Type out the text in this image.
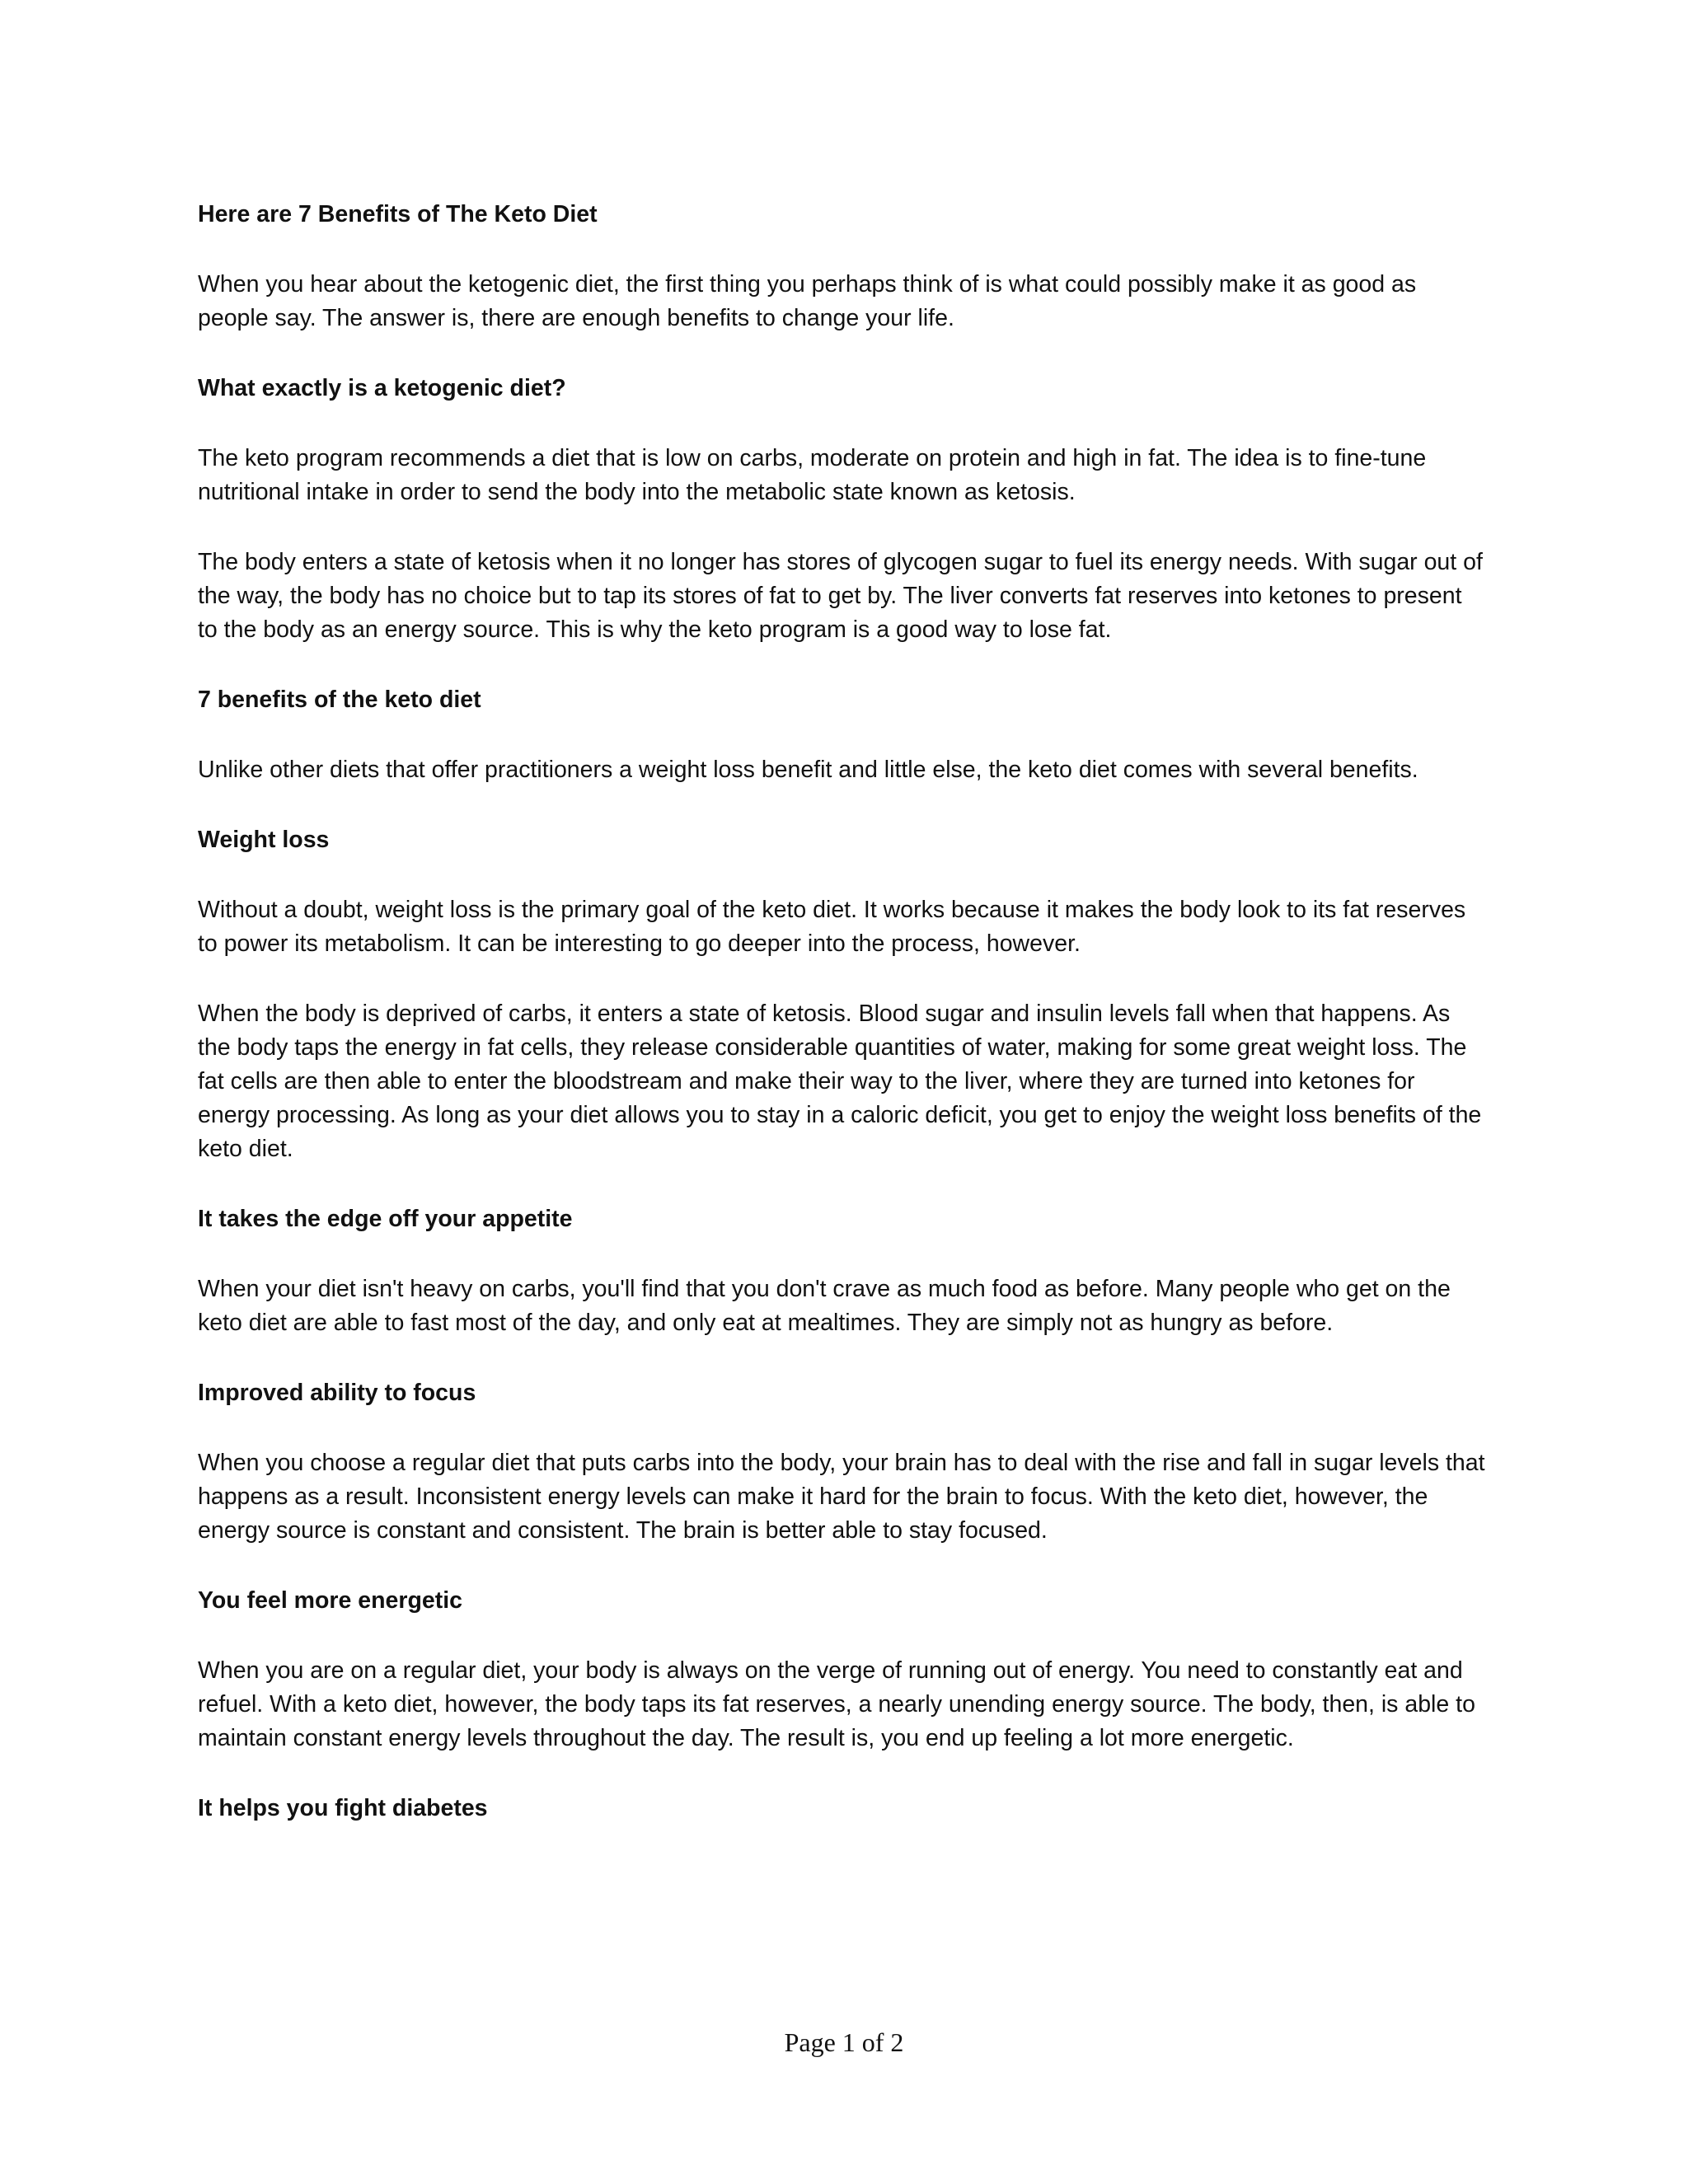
Here are 7 Benefits of The Keto Diet
When you hear about the ketogenic diet, the first thing you perhaps think of is what could possibly make it as good as people say. The answer is, there are enough benefits to change your life.
What exactly is a ketogenic diet?
The keto program recommends a diet that is low on carbs, moderate on protein and high in fat. The idea is to fine-tune nutritional intake in order to send the body into the metabolic state known as ketosis.
The body enters a state of ketosis when it no longer has stores of glycogen sugar to fuel its energy needs. With sugar out of the way, the body has no choice but to tap its stores of fat to get by. The liver converts fat reserves into ketones to present to the body as an energy source. This is why the keto program is a good way to lose fat.
7 benefits of the keto diet
Unlike other diets that offer practitioners a weight loss benefit and little else, the keto diet comes with several benefits.
Weight loss
Without a doubt, weight loss is the primary goal of the keto diet. It works because it makes the body look to its fat reserves to power its metabolism. It can be interesting to go deeper into the process, however.
When the body is deprived of carbs, it enters a state of ketosis. Blood sugar and insulin levels fall when that happens. As the body taps the energy in fat cells, they release considerable quantities of water, making for some great weight loss. The fat cells are then able to enter the bloodstream and make their way to the liver, where they are turned into ketones for energy processing. As long as your diet allows you to stay in a caloric deficit, you get to enjoy the weight loss benefits of the keto diet.
It takes the edge off your appetite
When your diet isn't heavy on carbs, you'll find that you don't crave as much food as before. Many people who get on the keto diet are able to fast most of the day, and only eat at mealtimes. They are simply not as hungry as before.
Improved ability to focus
When you choose a regular diet that puts carbs into the body, your brain has to deal with the rise and fall in sugar levels that happens as a result. Inconsistent energy levels can make it hard for the brain to focus. With the keto diet, however, the energy source is constant and consistent. The brain is better able to stay focused.
You feel more energetic
When you are on a regular diet, your body is always on the verge of running out of energy. You need to constantly eat and refuel. With a keto diet, however, the body taps its fat reserves, a nearly unending energy source. The body, then, is able to maintain constant energy levels throughout the day. The result is, you end up feeling a lot more energetic.
It helps you fight diabetes
Page 1 of 2
